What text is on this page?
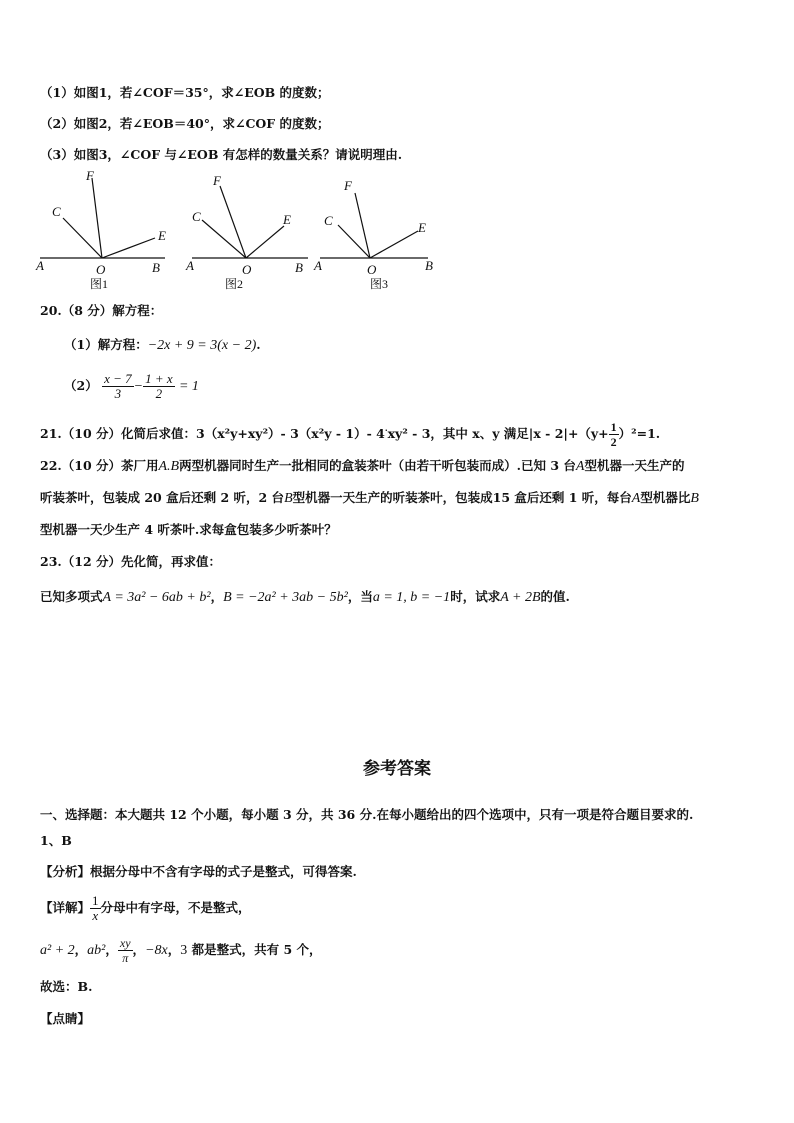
（1）如图1，若∠COF＝35°，求∠EOB 的度数；
（2）如图2，若∠EOB＝40°，求∠COF 的度数；
（3）如图3，∠COF 与∠EOB 有怎样的数量关系？请说明理由.
A	O	B
F
C
E
图1
A	O	B
F
C	E
图2
A	O	B
F
C	E
图3
20.（8 分）解方程：
（1）解方程：−2x + 9 = 3(x − 2).
$(2) \frac{x - 7}{3} - \frac{1 + x}{2} = 1$
21.（10 分）化简后求值：3（x²y+xy²）- 3（x²y - 1）- 4·xy² - 3，其中 x、y 满足$|x - 2|+(y+ \frac{1}{2} )^2=1$.
22.（10 分）茶厂用A.B两型机器同时生产一批相同的盒装茶叶（由若干听包装而成）.已知 3 台A型机器一天生产的
听装茶叶，包装成 20 盒后还剩 2 听，2 台B型机器一天生产的听装茶叶，包装成15 盒后还剩 1 听，每台A型机器比B
型机器一天少生产 4 听茶叶.求每盒包装多少听茶叶？
23.（12 分）先化简，再求值：
已知多项式A = 3a² − 6ab + b²，B = −2a² + 3ab − 5b²，当a = 1, b = −1时，试求A + 2B的值.
参考答案
一、选择题：本大题共 12 个小题，每小题 3 分，共 36 分.在每小题给出的四个选项中，只有一项是符合题目要求的.
1、B
【分析】根据分母中不含有字母的式子是整式，可得答案.
【详解】 $\frac{1}{x}$ 分母中有字母，不是整式，
a² + 2，ab²， $\frac{xy}{\pi}$ ，−8x，3 都是整式，共有 5 个，
故选：B.
【点睛】
